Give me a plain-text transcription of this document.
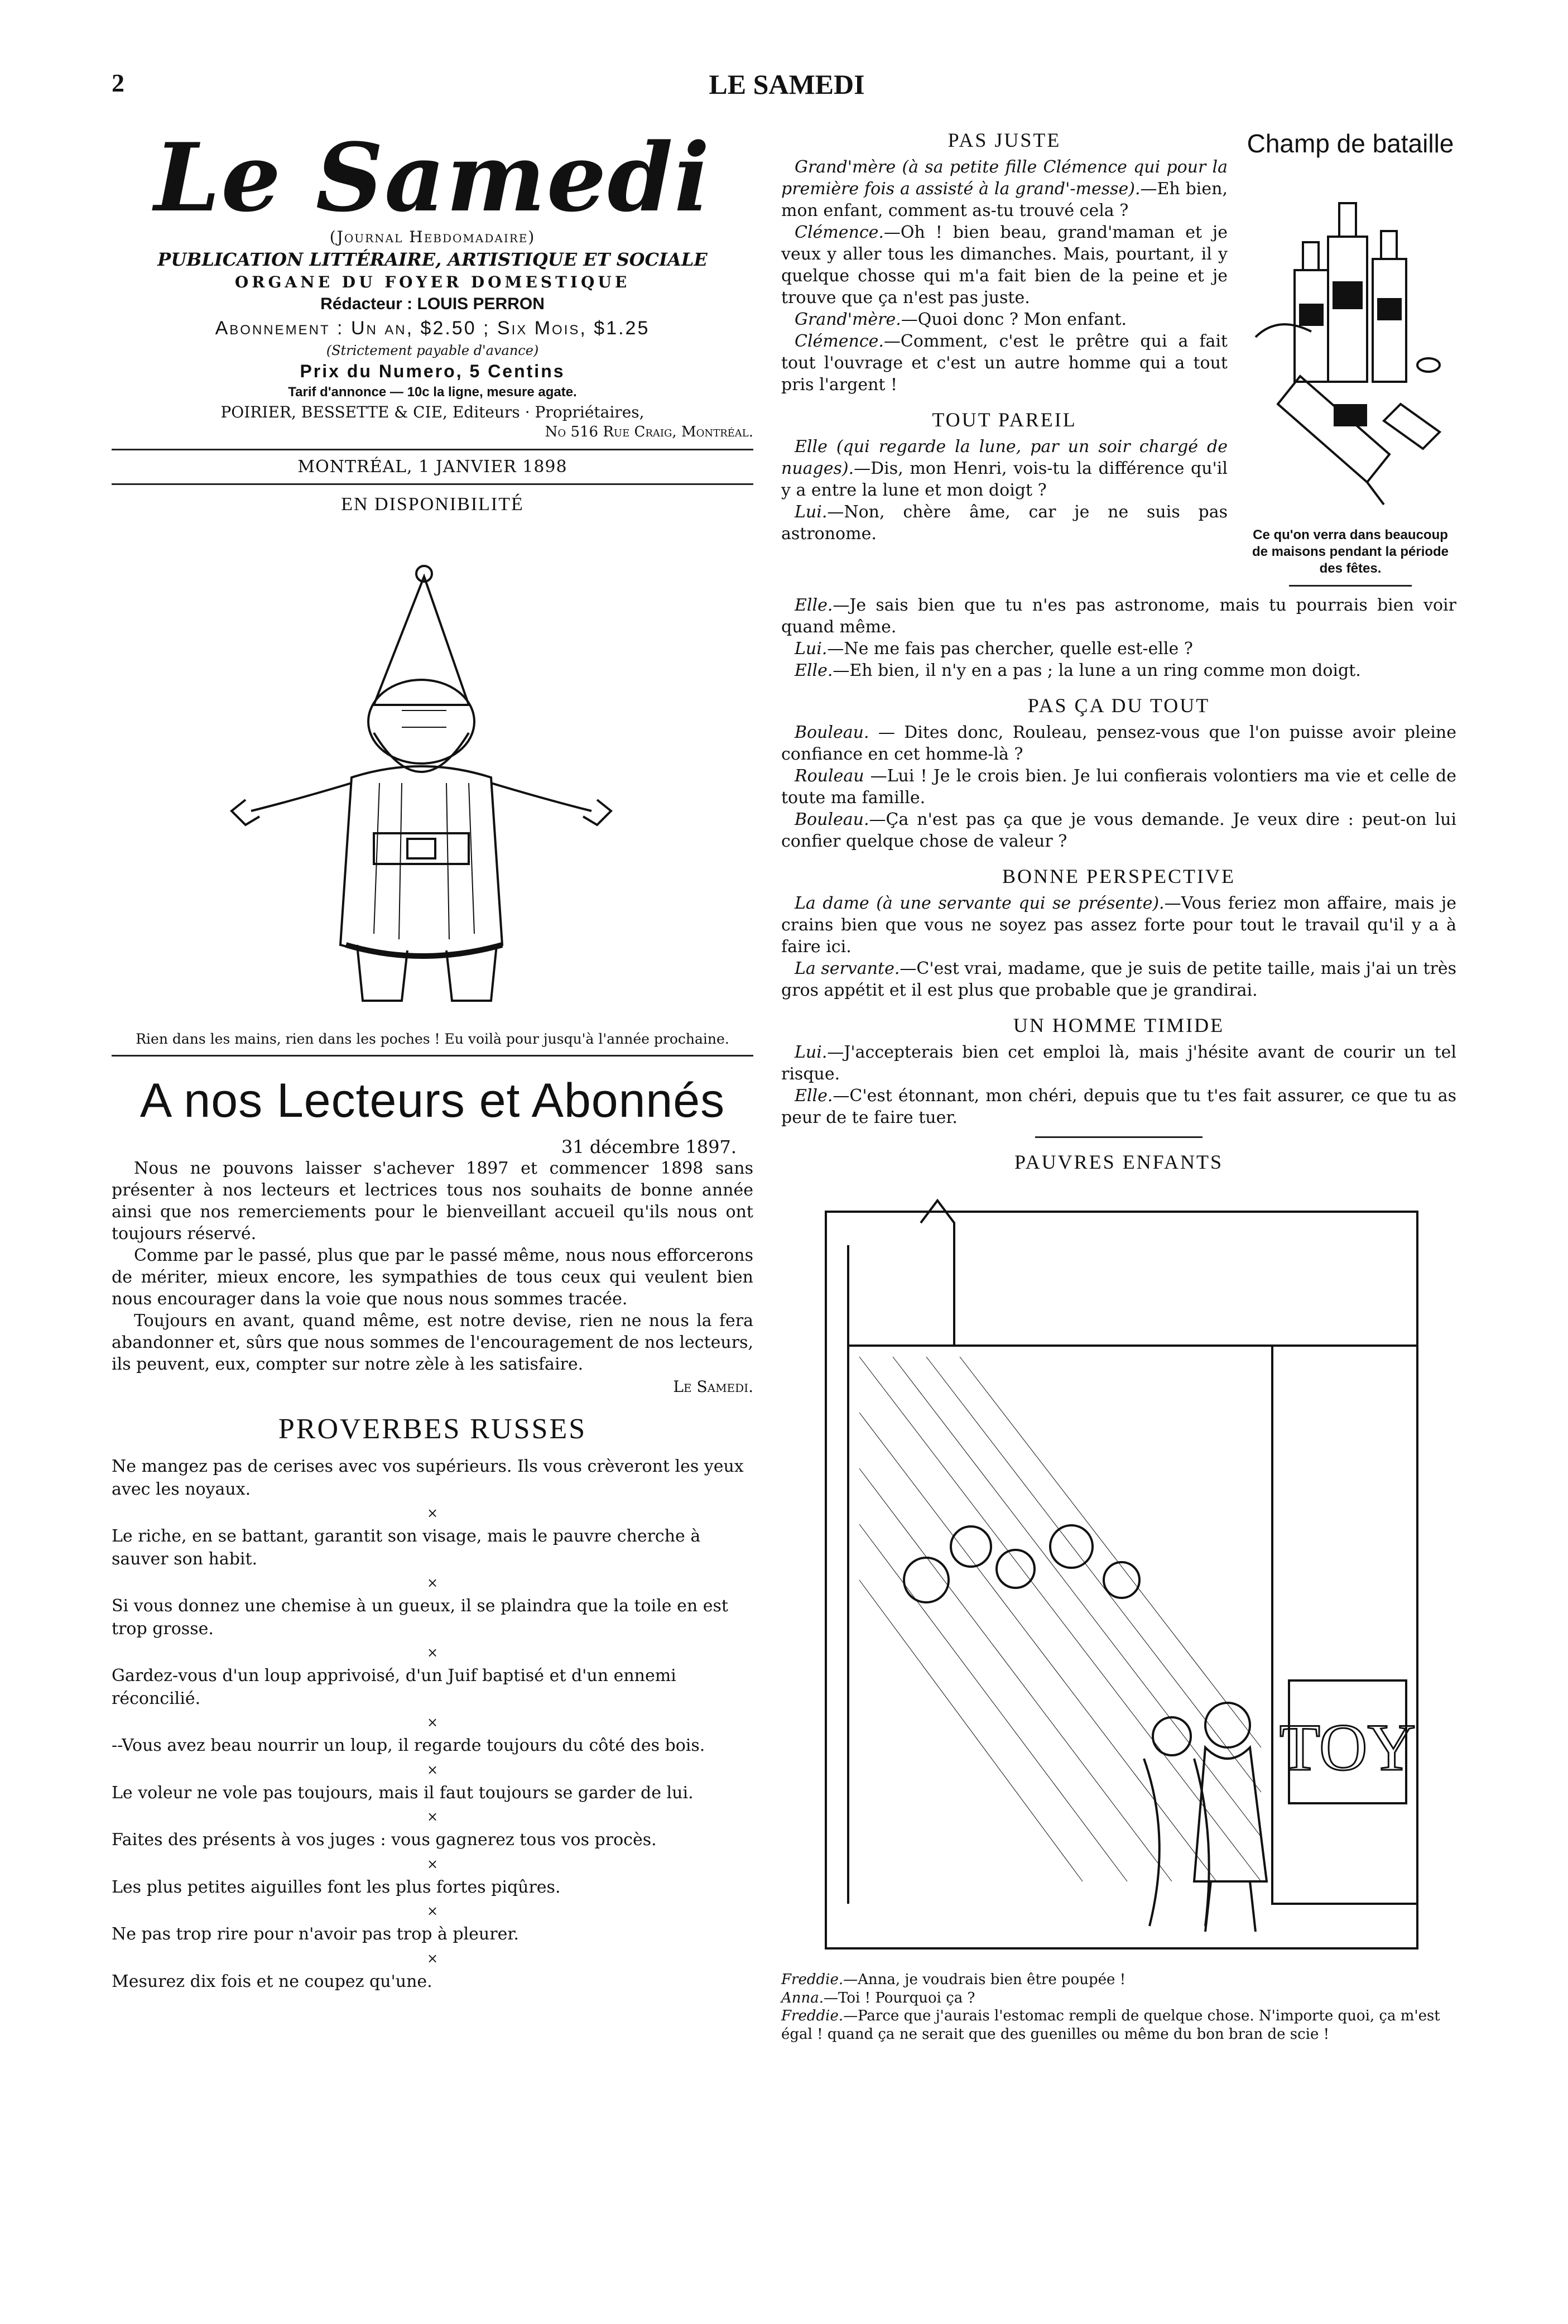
2	LE SAMEDI
Le Samedi
(Journal Hebdomadaire)
PUBLICATION LITTÉRAIRE, ARTISTIQUE ET SOCIALE
ORGANE DU FOYER DOMESTIQUE
Rédacteur : LOUIS PERRON
Abonnement : Un an, $2.50 ; Six Mois, $1.25
(Strictement payable d'avance)
Prix du Numero, 5 Centins
Tarif d'annonce — 10c la ligne, mesure agate.
POIRIER, BESSETTE & CIE, Editeurs · Propriétaires,
No 516 Rue Craig, Montréal.
MONTRÉAL, 1 JANVIER 1898
EN DISPONIBILITÉ
Rien dans les mains, rien dans les poches ! Eu voilà pour jusqu'à l'année prochaine.
A nos Lecteurs et Abonnés
31 décembre 1897.

Nous ne pouvons laisser s'achever 1897 et commencer 1898 sans présenter à nos lecteurs et lectrices tous nos souhaits de bonne année ainsi que nos remerciements pour le bienveillant accueil qu'ils nous ont toujours réservé.

Comme par le passé, plus que par le passé même, nous nous efforcerons de mériter, mieux encore, les sympathies de tous ceux qui veulent bien nous encourager dans la voie que nous nous sommes tracée.

Toujours en avant, quand même, est notre devise, rien ne nous la fera abandonner et, sûrs que nous sommes de l'encouragement de nos lecteurs, ils peuvent, eux, compter sur notre zèle à les satisfaire.

Le Samedi.
PROVERBES RUSSES

Ne mangez pas de cerises avec vos supérieurs. Ils vous crèveront les yeux avec les noyaux.

×

Le riche, en se battant, garantit son visage, mais le pauvre cherche à sauver son habit.

×

Si vous donnez une chemise à un gueux, il se plaindra que la toile en est trop grosse.

×

Gardez-vous d'un loup apprivoisé, d'un Juif baptisé et d'un ennemi réconcilié.

×

--Vous avez beau nourrir un loup, il regarde toujours du côté des bois.

×

Le voleur ne vole pas toujours, mais il faut toujours se garder de lui.

×

Faites des présents à vos juges : vous gagnerez tous vos procès.

×

Les plus petites aiguilles font les plus fortes piqûres.

×

Ne pas trop rire pour n'avoir pas trop à pleurer.

×

Mesurez dix fois et ne coupez qu'une.

PAS JUSTE

Grand'mère (à sa petite fille Clémence qui pour la première fois a assisté à la grand'-messe).—Eh bien, mon enfant, comment as-tu trouvé cela ?

Clémence.—Oh ! bien beau, grand'maman et je veux y aller tous les dimanches. Mais, pourtant, il y quelque chosse qui m'a fait bien de la peine et je trouve que ça n'est pas juste.

Grand'mère.—Quoi donc ? Mon enfant.

Clémence.—Comment, c'est le prêtre qui a fait tout l'ouvrage et c'est un autre homme qui a tout pris l'argent !

TOUT PAREIL

Elle (qui regarde la lune, par un soir chargé de nuages).—Dis, mon Henri, vois-tu la différence qu'il y a entre la lune et mon doigt ?

Lui.—Non, chère âme, car je ne suis pas astronome.

Champ de bataille
Ce qu'on verra dans beaucoup de maisons pendant la période des fêtes.

Elle.—Je sais bien que tu n'es pas astronome, mais tu pourrais bien voir quand même.

Lui.—Ne me fais pas chercher, quelle est-elle ?

Elle.—Eh bien, il n'y en a pas ; la lune a un ring comme mon doigt.

PAS ÇA DU TOUT

Bouleau. — Dites donc, Rouleau, pensez-vous que l'on puisse avoir pleine confiance en cet homme-là ?

Rouleau —Lui ! Je le crois bien. Je lui confierais volontiers ma vie et celle de toute ma famille.

Bouleau.—Ça n'est pas ça que je vous demande. Je veux dire : peut-on lui confier quelque chose de valeur ?

BONNE PERSPECTIVE

La dame (à une servante qui se présente).—Vous feriez mon affaire, mais je crains bien que vous ne soyez pas assez forte pour tout le travail qu'il y a à faire ici.

La servante.—C'est vrai, madame, que je suis de petite taille, mais j'ai un très gros appétit et il est plus que probable que je grandirai.

UN HOMME TIMIDE

Lui.—J'accepterais bien cet emploi là, mais j'hésite avant de courir un tel risque.

Elle.—C'est étonnant, mon chéri, depuis que tu t'es fait assurer, ce que tu as peur de te faire tuer.

PAUVRES ENFANTS
TOY

Freddie.—Anna, je voudrais bien être poupée !

Anna.—Toi ! Pourquoi ça ?

Freddie.—Parce que j'aurais l'estomac rempli de quelque chose. N'importe quoi, ça m'est égal ! quand ça ne serait que des guenilles ou même du bon bran de scie !
